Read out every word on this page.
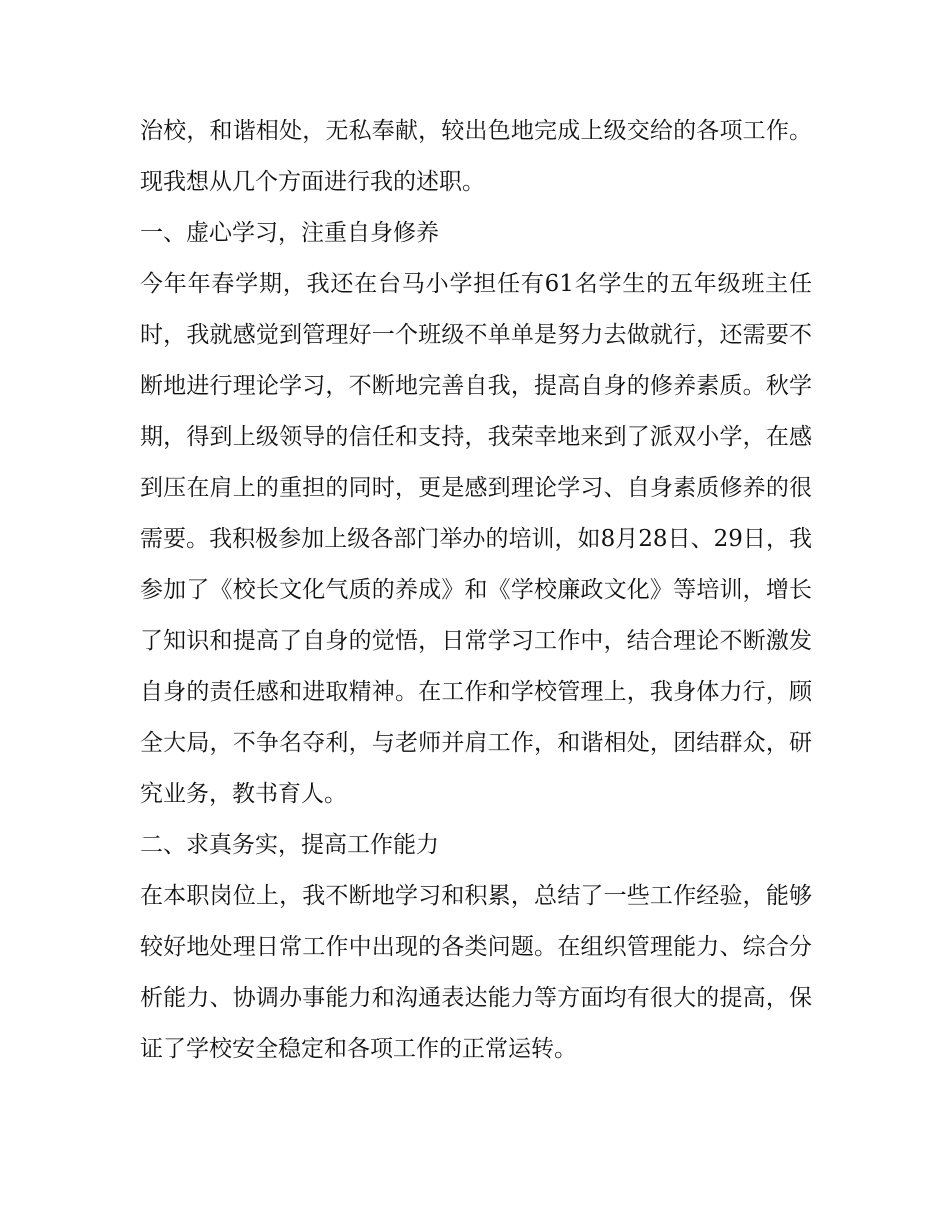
治校，和谐相处，无私奉献，较出色地完成上级交给的各项工作。现我想从几个方面进行我的述职。

一、虚心学习，注重自身修养

今年年春学期，我还在台马小学担任有61名学生的五年级班主任时，我就感觉到管理好一个班级不单单是努力去做就行，还需要不断地进行理论学习，不断地完善自我，提高自身的修养素质。秋学期，得到上级领导的信任和支持，我荣幸地来到了派双小学，在感到压在肩上的重担的同时，更是感到理论学习、自身素质修养的很需要。我积极参加上级各部门举办的培训，如8月28日、29日，我参加了《校长文化气质的养成》和《学校廉政文化》等培训，增长了知识和提高了自身的觉悟，日常学习工作中，结合理论不断激发自身的责任感和进取精神。在工作和学校管理上，我身体力行，顾全大局，不争名夺利，与老师并肩工作，和谐相处，团结群众，研究业务，教书育人。

二、求真务实，提高工作能力

在本职岗位上，我不断地学习和积累，总结了一些工作经验，能够较好地处理日常工作中出现的各类问题。在组织管理能力、综合分析能力、协调办事能力和沟通表达能力等方面均有很大的提高，保证了学校安全稳定和各项工作的正常运转。
